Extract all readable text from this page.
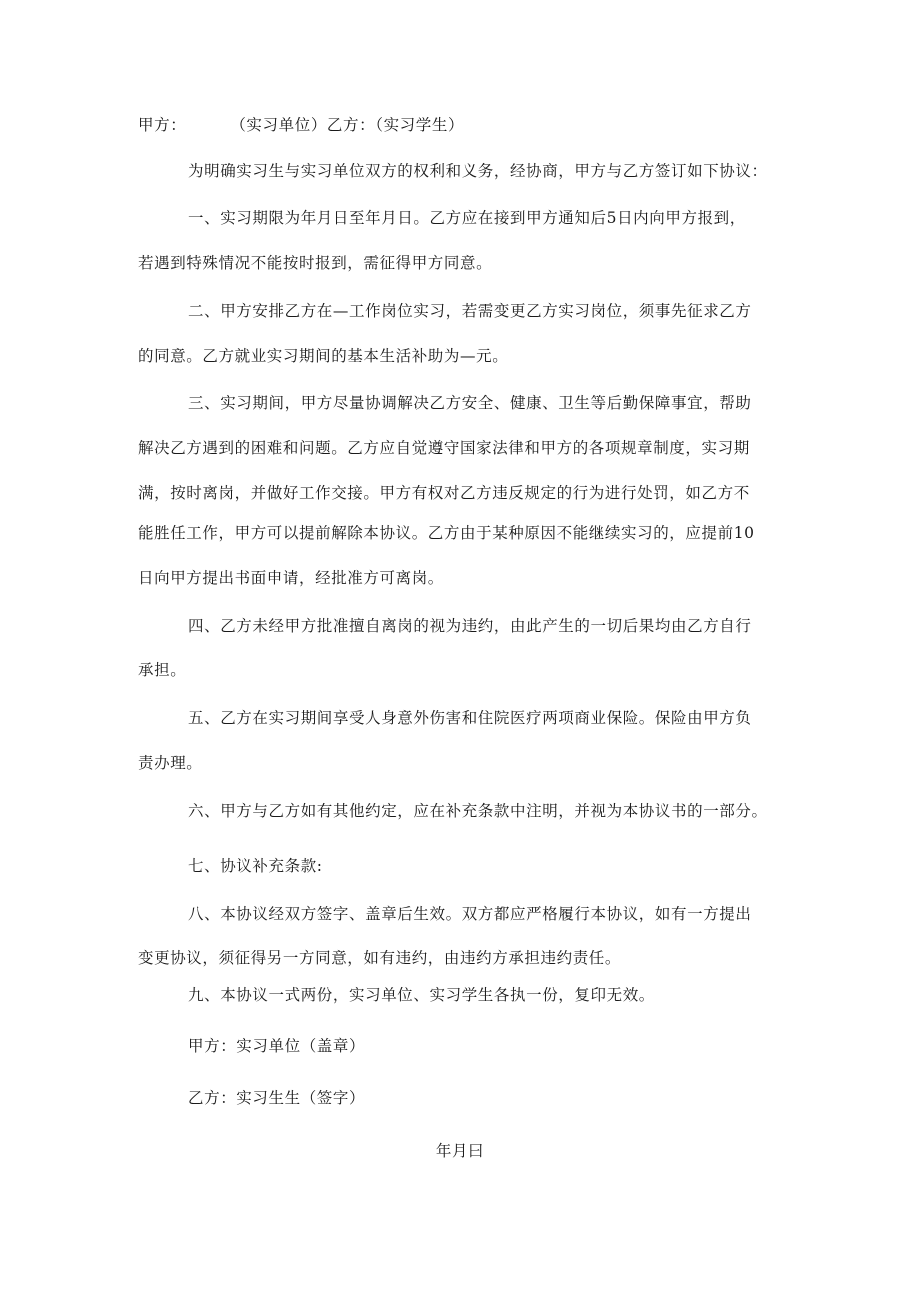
甲方：	（实习单位）乙方：（实习学生）
为明确实习生与实习单位双方的权利和义务，经协商，甲方与乙方签订如下协议：
一、实习期限为年月日至年月日。乙方应在接到甲方通知后5日内向甲方报到，
若遇到特殊情况不能按时报到，需征得甲方同意。
二、甲方安排乙方在—工作岗位实习，若需变更乙方实习岗位，须事先征求乙方
的同意。乙方就业实习期间的基本生活补助为—元。
三、实习期间，甲方尽量协调解决乙方安全、健康、卫生等后勤保障事宜，帮助
解决乙方遇到的困难和问题。乙方应自觉遵守国家法律和甲方的各项规章制度，实习期
满，按时离岗，并做好工作交接。甲方有权对乙方违反规定的行为进行处罚，如乙方不
能胜任工作，甲方可以提前解除本协议。乙方由于某种原因不能继续实习的，应提前10
日向甲方提出书面申请，经批准方可离岗。
四、乙方未经甲方批准擅自离岗的视为违约，由此产生的一切后果均由乙方自行
承担。
五、乙方在实习期间享受人身意外伤害和住院医疗两项商业保险。保险由甲方负
责办理。
六、甲方与乙方如有其他约定，应在补充条款中注明，并视为本协议书的一部分。
七、协议补充条款:
八、本协议经双方签字、盖章后生效。双方都应严格履行本协议，如有一方提出
变更协议，须征得另一方同意，如有违约，由违约方承担违约责任。
九、本协议一式两份，实习单位、实习学生各执一份，复印无效。
甲方：实习单位（盖章）
乙方：实习生生（签字）
年月曰
